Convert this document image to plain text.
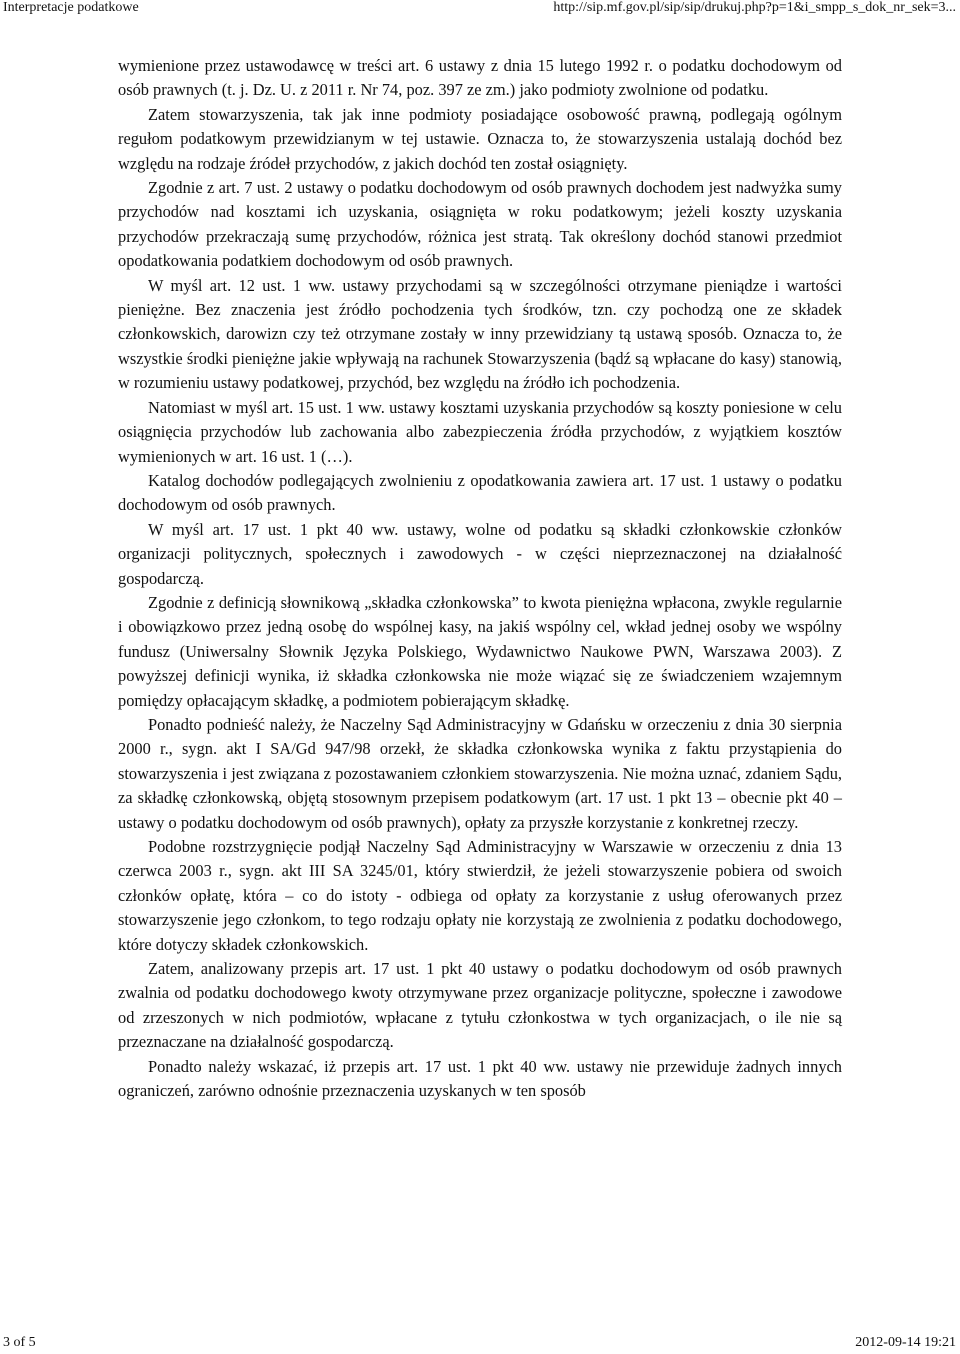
Interpretacje podatkowe	http://sip.mf.gov.pl/sip/sip/drukuj.php?p=1&i_smpp_s_dok_nr_sek=3...

wymienione przez ustawodawcę w treści art. 6 ustawy z dnia 15 lutego 1992 r. o podatku dochodowym od osób prawnych (t. j. Dz. U. z 2011 r. Nr 74, poz. 397 ze zm.) jako podmioty zwolnione od podatku.

Zatem stowarzyszenia, tak jak inne podmioty posiadające osobowość prawną, podlegają ogólnym regułom podatkowym przewidzianym w tej ustawie. Oznacza to, że stowarzyszenia ustalają dochód bez względu na rodzaje źródeł przychodów, z jakich dochód ten został osiągnięty.

Zgodnie z art. 7 ust. 2 ustawy o podatku dochodowym od osób prawnych dochodem jest nadwyżka sumy przychodów nad kosztami ich uzyskania, osiągnięta w roku podatkowym; jeżeli koszty uzyskania przychodów przekraczają sumę przychodów, różnica jest stratą. Tak określony dochód stanowi przedmiot opodatkowania podatkiem dochodowym od osób prawnych.

W myśl art. 12 ust. 1 ww. ustawy przychodami są w szczególności otrzymane pieniądze i wartości pieniężne. Bez znaczenia jest źródło pochodzenia tych środków, tzn. czy pochodzą one ze składek członkowskich, darowizn czy też otrzymane zostały w inny przewidziany tą ustawą sposób. Oznacza to, że wszystkie środki pieniężne jakie wpływają na rachunek Stowarzyszenia (bądź są wpłacane do kasy) stanowią, w rozumieniu ustawy podatkowej, przychód, bez względu na źródło ich pochodzenia.

Natomiast w myśl art. 15 ust. 1 ww. ustawy kosztami uzyskania przychodów są koszty poniesione w celu osiągnięcia przychodów lub zachowania albo zabezpieczenia źródła przychodów, z wyjątkiem kosztów wymienionych w art. 16 ust. 1 (…).

Katalog dochodów podlegających zwolnieniu z opodatkowania zawiera art. 17 ust. 1 ustawy o podatku dochodowym od osób prawnych.

W myśl art. 17 ust. 1 pkt 40 ww. ustawy, wolne od podatku są składki członkowskie członków organizacji politycznych, społecznych i zawodowych - w części nieprzeznaczonej na działalność gospodarczą.

Zgodnie z definicją słownikową „składka członkowska” to kwota pieniężna wpłacona, zwykle regularnie i obowiązkowo przez jedną osobę do wspólnej kasy, na jakiś wspólny cel, wkład jednej osoby we wspólny fundusz (Uniwersalny Słownik Języka Polskiego, Wydawnictwo Naukowe PWN, Warszawa 2003). Z powyższej definicji wynika, iż składka członkowska nie może wiązać się ze świadczeniem wzajemnym pomiędzy opłacającym składkę, a podmiotem pobierającym składkę.

Ponadto podnieść należy, że Naczelny Sąd Administracyjny w Gdańsku w orzeczeniu z dnia 30 sierpnia 2000 r., sygn. akt I SA/Gd 947/98 orzekł, że składka członkowska wynika z faktu przystąpienia do stowarzyszenia i jest związana z pozostawaniem członkiem stowarzyszenia. Nie można uznać, zdaniem Sądu, za składkę członkowską, objętą stosownym przepisem podatkowym (art. 17 ust. 1 pkt 13 – obecnie pkt 40 – ustawy o podatku dochodowym od osób prawnych), opłaty za przyszłe korzystanie z konkretnej rzeczy.

Podobne rozstrzygnięcie podjął Naczelny Sąd Administracyjny w Warszawie w orzeczeniu z dnia 13 czerwca 2003 r., sygn. akt III SA 3245/01, który stwierdził, że jeżeli stowarzyszenie pobiera od swoich członków opłatę, która – co do istoty - odbiega od opłaty za korzystanie z usług oferowanych przez stowarzyszenie jego członkom, to tego rodzaju opłaty nie korzystają ze zwolnienia z podatku dochodowego, które dotyczy składek członkowskich.

Zatem, analizowany przepis art. 17 ust. 1 pkt 40 ustawy o podatku dochodowym od osób prawnych zwalnia od podatku dochodowego kwoty otrzymywane przez organizacje polityczne, społeczne i zawodowe od zrzeszonych w nich podmiotów, wpłacane z tytułu członkostwa w tych organizacjach, o ile nie są przeznaczane na działalność gospodarczą.

Ponadto należy wskazać, iż przepis art. 17 ust. 1 pkt 40 ww. ustawy nie przewiduje żadnych innych ograniczeń, zarówno odnośnie przeznaczenia uzyskanych w ten sposób

3 of 5	2012-09-14 19:21
